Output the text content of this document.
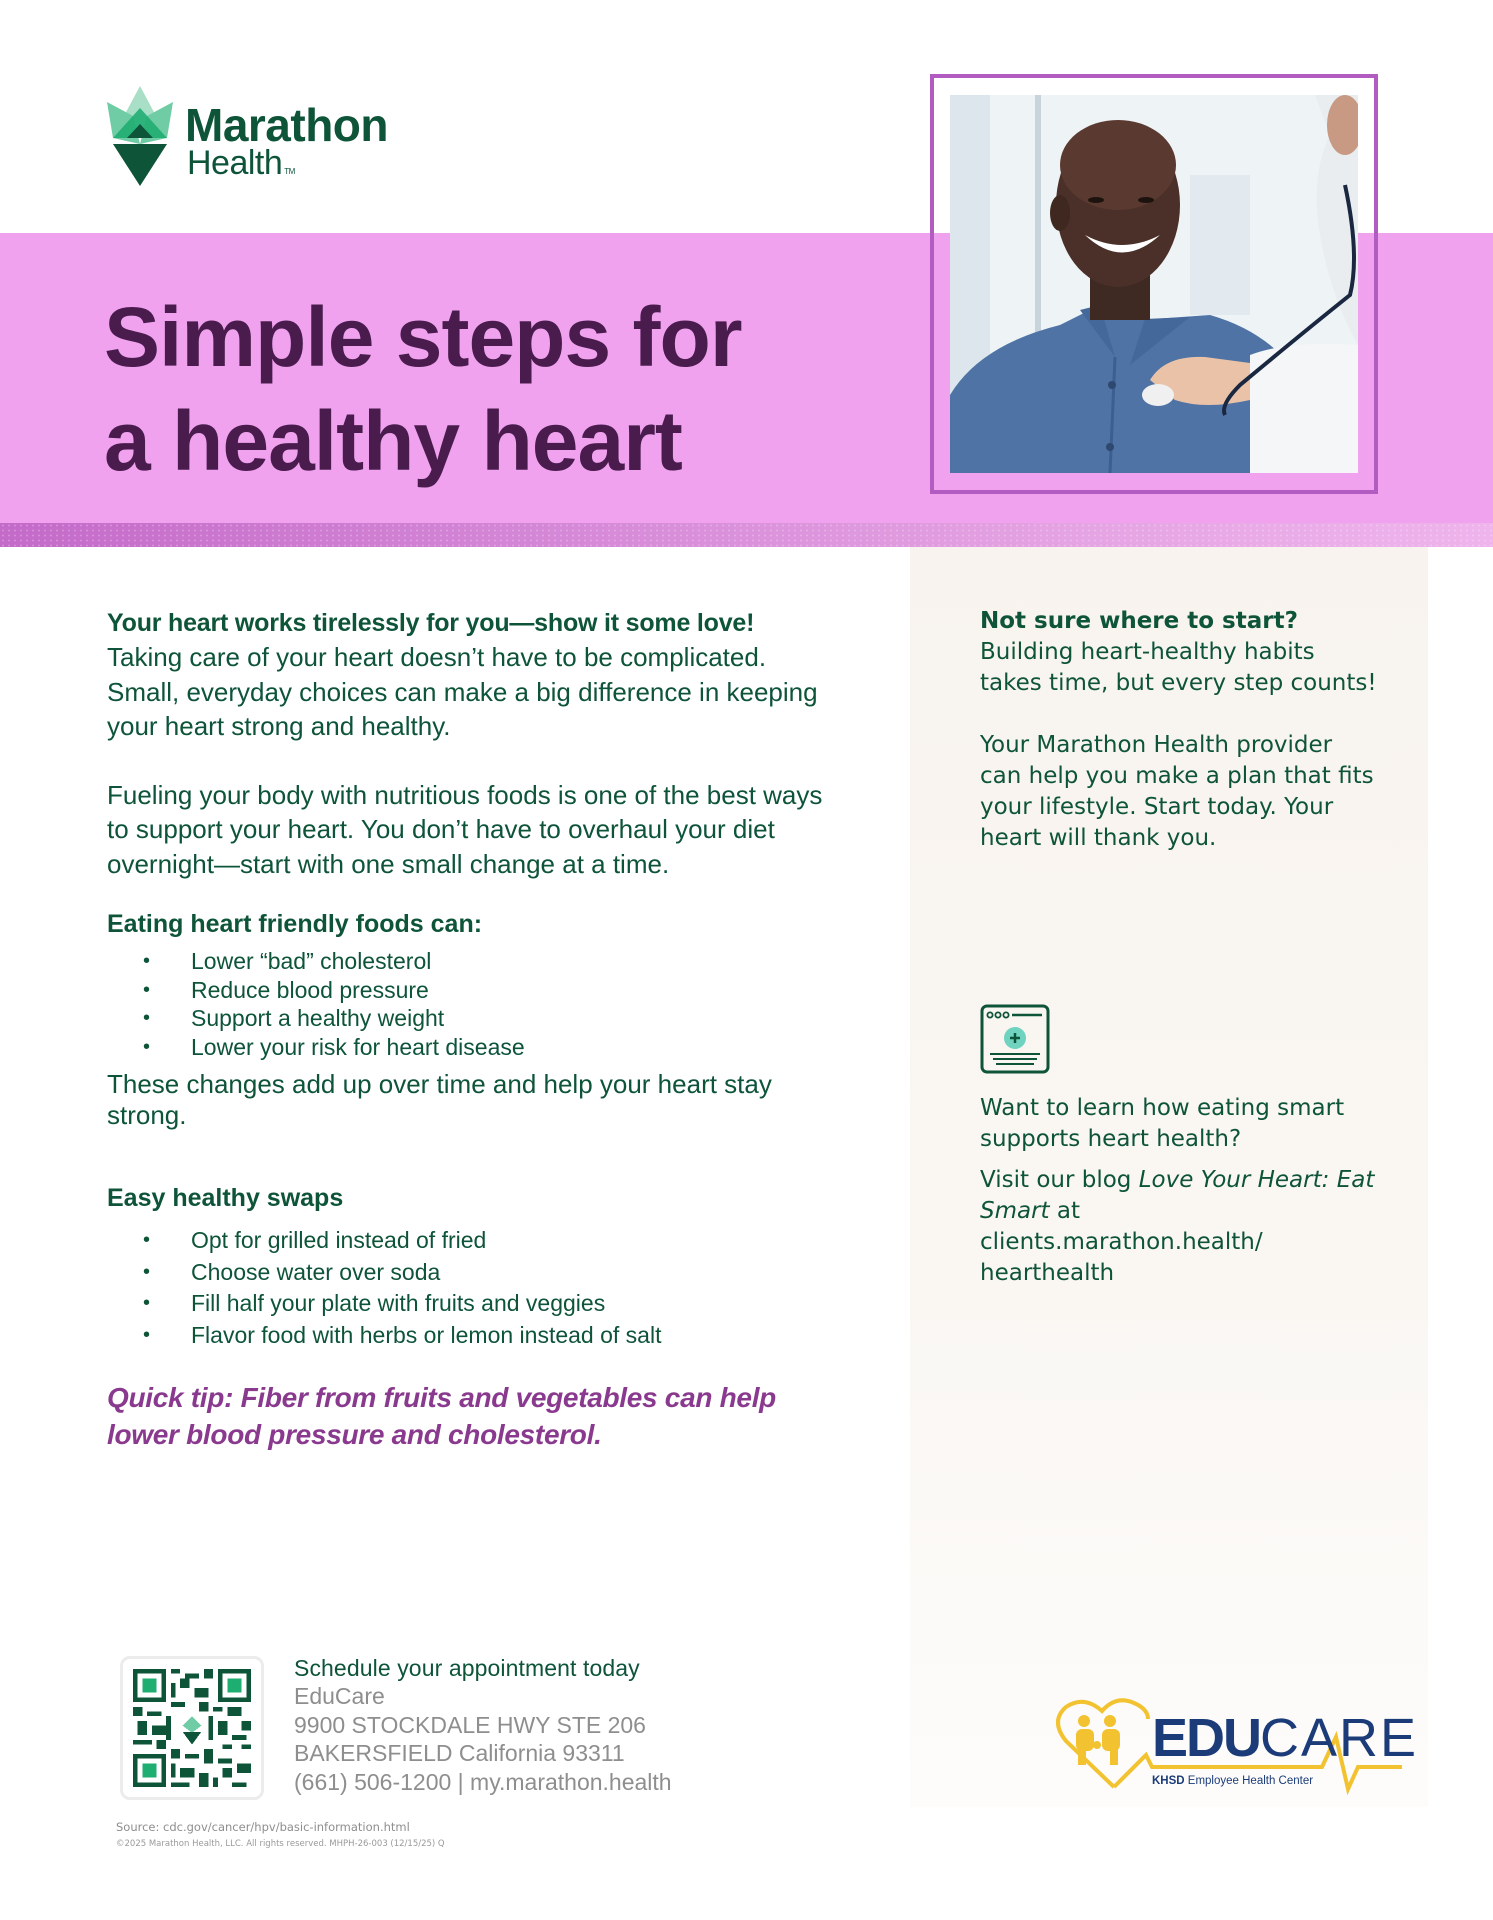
Marathon
Health TM
Simple steps for
a healthy heart
Your heart works tirelessly for you—show it some love!
Taking care of your heart doesn’t have to be complicated. Small, everyday choices can make a big difference in keeping your heart strong and healthy.
Fueling your body with nutritious foods is one of the best ways to support your heart. You don’t have to overhaul your diet overnight—start with one small change at a time.
Eating heart friendly foods can:
• Lower “bad” cholesterol
• Reduce blood pressure
• Support a healthy weight
• Lower your risk for heart disease
These changes add up over time and help your heart stay strong.
Easy healthy swaps
• Opt for grilled instead of fried
• Choose water over soda
• Fill half your plate with fruits and veggies
• Flavor food with herbs or lemon instead of salt
Quick tip: Fiber from fruits and vegetables can help lower blood pressure and cholesterol.
Not sure where to start?
Building heart-healthy habits takes time, but every step counts!
Your Marathon Health provider can help you make a plan that fits your lifestyle. Start today. Your heart will thank you.
Want to learn how eating smart supports heart health?
Visit our blog Love Your Heart: Eat Smart at
clients.marathon.health/
hearthealth
Schedule your appointment today
EduCare
9900 STOCKDALE HWY STE 206
BAKERSFIELD California 93311
(661) 506-1200 | my.marathon.health
Source: cdc.gov/cancer/hpv/basic-information.html
©2025 Marathon Health, LLC. All rights reserved. MHPH-26-003 (12/15/25) Q
EDUCARE
KHSD Employee Health Center
